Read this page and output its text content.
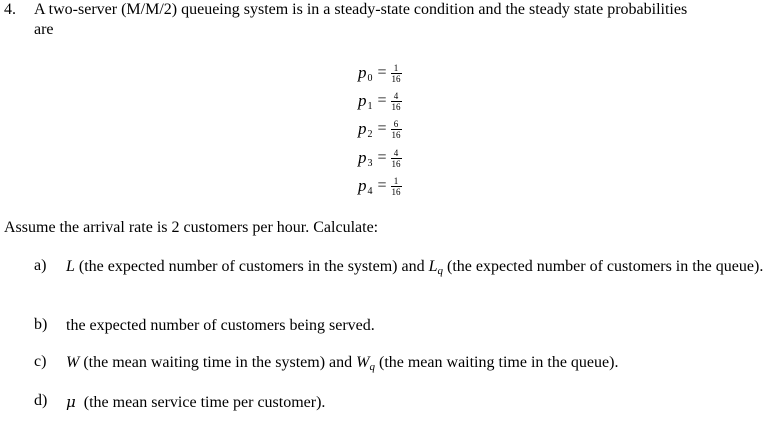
4. A two-server (M/M/2) queueing system is in a steady-state condition and the steady state probabilities
are
$p_0 = \frac{1}{16}$
$p_1 = \frac{4}{16}$
$p_2 = \frac{6}{16}$
$p_3 = \frac{4}{16}$
$p_4 = \frac{1}{16}$
Assume the arrival rate is 2 customers per hour. Calculate:
a) L (the expected number of customers in the system) and $L_q$ (the expected number of customers in the queue).
b) the expected number of customers being served.
c) W (the mean waiting time in the system) and $W_q$ (the mean waiting time in the queue).
d) μ  (the mean service time per customer).
